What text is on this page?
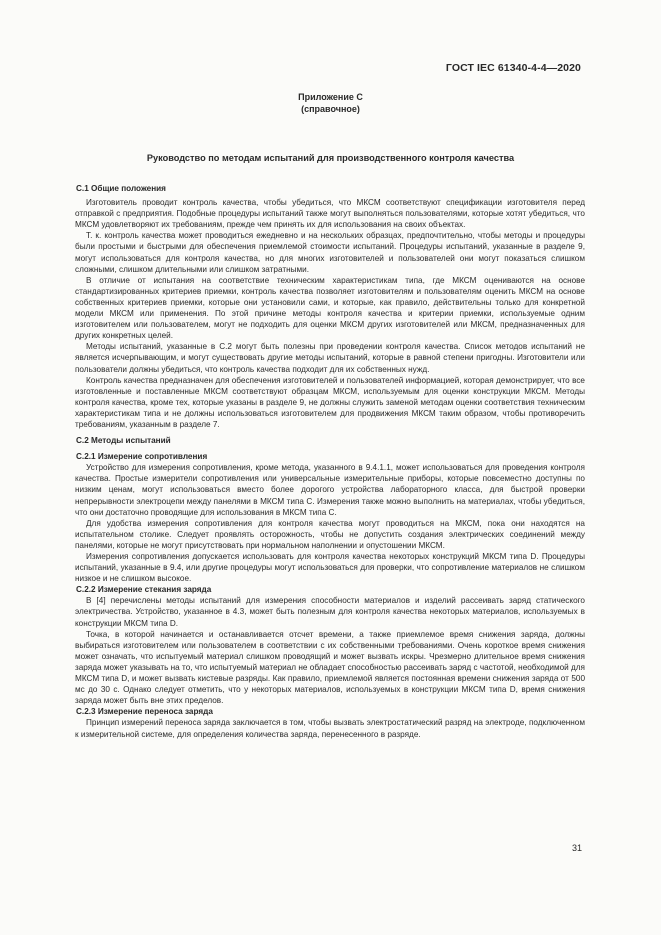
ГОСТ IEC 61340-4-4—2020
Приложение С
(справочное)
Руководство по методам испытаний для производственного контроля качества
С.1 Общие положения

Изготовитель проводит контроль качества, чтобы убедиться, что МКСМ соответствуют спецификации изготовителя перед отправкой с предприятия. Подобные процедуры испытаний также могут выполняться пользователями, которые хотят убедиться, что МКСМ удовлетворяют их требованиям, прежде чем принять их для использования на своих объектах.

Т. к. контроль качества может проводиться ежедневно и на нескольких образцах, предпочтительно, чтобы методы и процедуры были простыми и быстрыми для обеспечения приемлемой стоимости испытаний. Процедуры испытаний, указанные в разделе 9, могут использоваться для контроля качества, но для многих изготовителей и пользователей они могут показаться слишком сложными, слишком длительными или слишком затратными.

В отличие от испытания на соответствие техническим характеристикам типа, где МКСМ оцениваются на основе стандартизированных критериев приемки, контроль качества позволяет изготовителям и пользователям оценить МКСМ на основе собственных критериев приемки, которые они установили сами, и которые, как правило, действительны только для конкретной модели МКСМ или применения. По этой причине методы контроля качества и критерии приемки, используемые одним изготовителем или пользователем, могут не подходить для оценки МКСМ других изготовителей или МКСМ, предназначенных для других конкретных целей.

Методы испытаний, указанные в С.2 могут быть полезны при проведении контроля качества. Список методов испытаний не является исчерпывающим, и могут существовать другие методы испытаний, которые в равной степени пригодны. Изготовители или пользователи должны убедиться, что контроль качества подходит для их собственных нужд.

Контроль качества предназначен для обеспечения изготовителей и пользователей информацией, которая демонстрирует, что все изготовленные и поставленные МКСМ соответствуют образцам МКСМ, используемым для оценки конструкции МКСМ. Методы контроля качества, кроме тех, которые указаны в разделе 9, не должны служить заменой методам оценки соответствия техническим характеристикам типа и не должны использоваться изготовителем для продвижения МКСМ таким образом, чтобы противоречить требованиям, указанным в разделе 7.

С.2 Методы испытаний
С.2.1 Измерение сопротивления

Устройство для измерения сопротивления, кроме метода, указанного в 9.4.1.1, может использоваться для проведения контроля качества. Простые измерители сопротивления или универсальные измерительные приборы, которые повсеместно доступны по низким ценам, могут использоваться вместо более дорогого устройства лабораторного класса, для быстрой проверки непрерывности электроцепи между панелями в МКСМ типа С. Измерения также можно выполнить на материалах, чтобы убедиться, что они достаточно проводящие для использования в МКСМ типа С.

Для удобства измерения сопротивления для контроля качества могут проводиться на МКСМ, пока они находятся на испытательном столике. Следует проявлять осторожность, чтобы не допустить создания электрических соединений между панелями, которые не могут присутствовать при нормальном наполнении и опустошении МКСМ.

Измерения сопротивления допускается использовать для контроля качества некоторых конструкций МКСМ типа D. Процедуры испытаний, указанные в 9.4, или другие процедуры могут использоваться для проверки, что сопротивление материалов не слишком низкое и не слишком высокое.

С.2.2 Измерение стекания заряда

В [4] перечислены методы испытаний для измерения способности материалов и изделий рассеивать заряд статического электричества. Устройство, указанное в 4.3, может быть полезным для контроля качества некоторых материалов, используемых в конструкции МКСМ типа D.

Точка, в которой начинается и останавливается отсчет времени, а также приемлемое время снижения заряда, должны выбираться изготовителем или пользователем в соответствии с их собственными требованиями. Очень короткое время снижения может означать, что испытуемый материал слишком проводящий и может вызвать искры. Чрезмерно длительное время снижения заряда может указывать на то, что испытуемый материал не обладает способностью рассеивать заряд с частотой, необходимой для МКСМ типа D, и может вызвать кистевые разряды. Как правило, приемлемой является постоянная времени снижения заряда от 500 мс до 30 с. Однако следует отметить, что у некоторых материалов, используемых в конструкции МКСМ типа D, время снижения заряда может быть вне этих пределов.

С.2.3 Измерение переноса заряда

Принцип измерений переноса заряда заключается в том, чтобы вызвать электростатический разряд на электроде, подключенном к измерительной системе, для определения количества заряда, перенесенного в разряде.

31
